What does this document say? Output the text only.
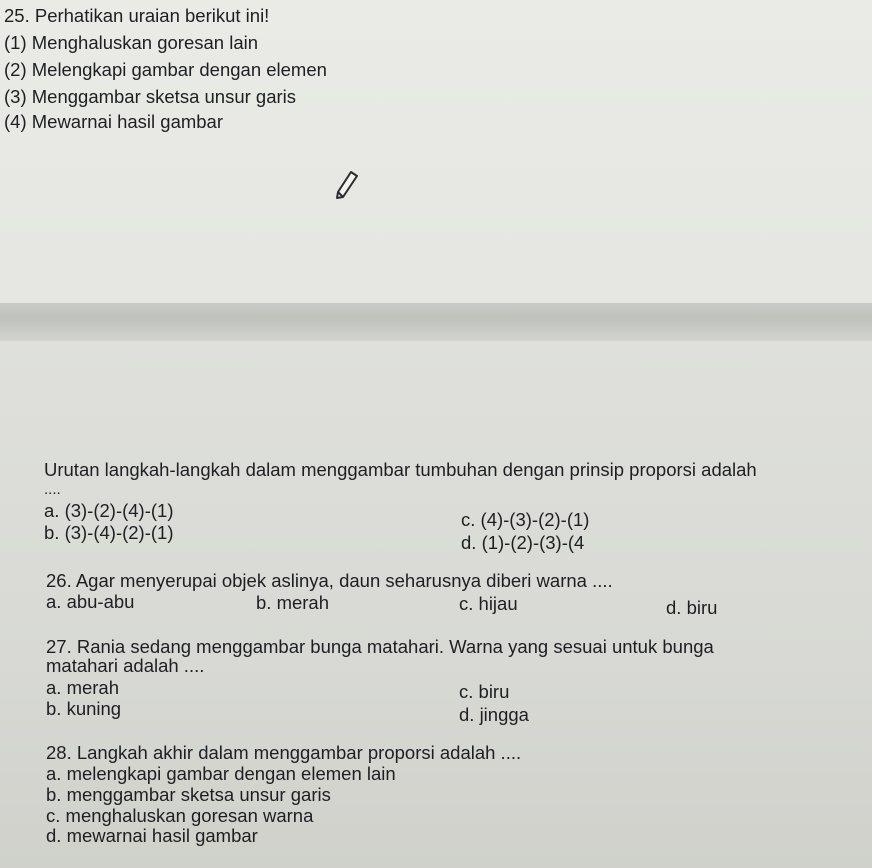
25. Perhatikan uraian berikut ini!
(1) Menghaluskan goresan lain
(2) Melengkapi gambar dengan elemen
(3) Menggambar sketsa unsur garis
(4) Mewarnai hasil gambar
Urutan langkah-langkah dalam menggambar tumbuhan dengan prinsip proporsi adalah
....
a. (3)-(2)-(4)-(1)
b. (3)-(4)-(2)-(1)
c. (4)-(3)-(2)-(1)
d. (1)-(2)-(3)-(4
26. Agar menyerupai objek aslinya, daun seharusnya diberi warna ....
a. abu-abu	b. merah	c. hijau	d. biru
27. Rania sedang menggambar bunga matahari. Warna yang sesuai untuk bunga
matahari adalah ....
a. merah
b. kuning
c. biru
d. jingga
28. Langkah akhir dalam menggambar proporsi adalah ....
a. melengkapi gambar dengan elemen lain
b. menggambar sketsa unsur garis
c. menghaluskan goresan warna
d. mewarnai hasil gambar
